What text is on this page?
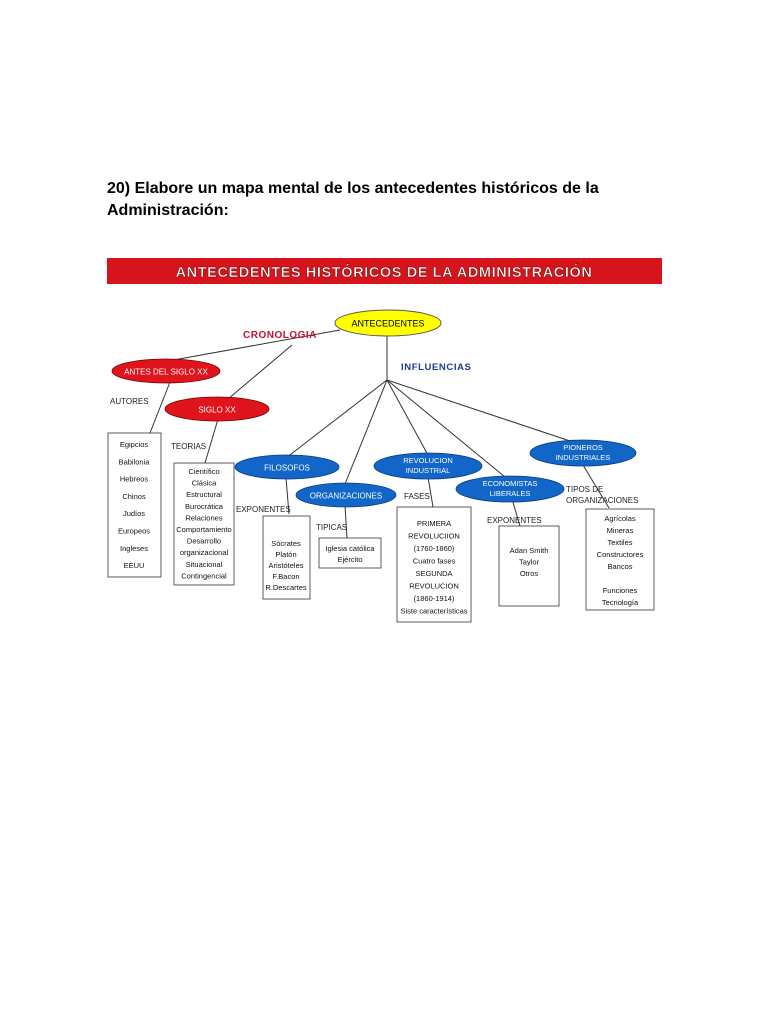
20) Elabore un mapa mental de los antecedentes históricos de la
Administración:

ANTECEDENTES HISTÓRICOS DE LA ADMINISTRACIÓN
ANTECEDENTES
CRONOLOGIA
INFLUENCIAS
ANTES DEL SIGLO XX
SIGLO XX
AUTORES
TEORIAS
Egipcios
Babilonia
Hebreos
Chinos
Judíos
Europeos
Ingleses
EEUU
Científico
Clásica
Estructural
Burocrática
Relaciones
Comportamiento
Desarrollo
organizacional
Situacional
Contingencial
FILOSOFOS
ORGANIZACIONES
REVOLUCION
INDUSTRIAL
ECONOMISTAS
LIBERALES
PIONEROS
INDUSTRIALES
EXPONENTES
TIPICAS
FASES
EXPONENTES
TIPOS DE
ORGANIZACIONES
Sócrates
Platón
Aristóteles
F.Bacon
R.Descartes
Iglesia católica
Ejército
PRIMERA
REVOLUCIION
(1760-1860)
Cuatro fases
SEGUNDA
REVOLUCION
(1860-1914)
Siste características
Adan Smith
Taylor
Otros
Agrícolas
Mineras
Textiles
Constructores
Bancos
Funciones
Tecnología
